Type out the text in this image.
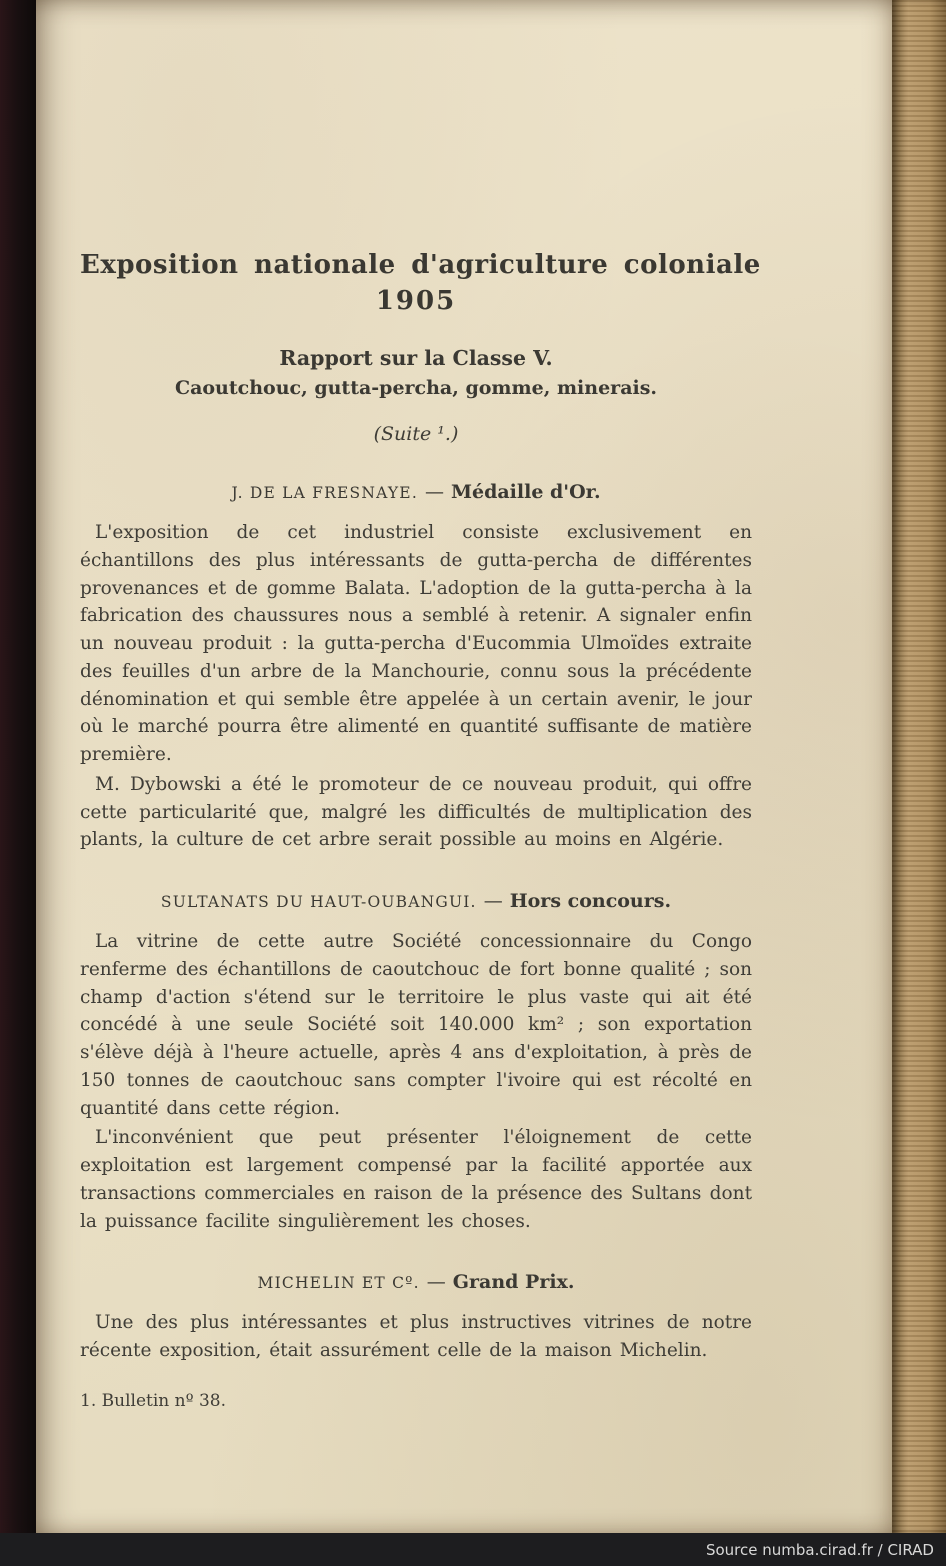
Exposition nationale d'agriculture coloniale
1905
Rapport sur la Classe V.
Caoutchouc, gutta-percha, gomme, minerais.
(Suite ¹.)
J. DE LA FRESNAYE. — Médaille d'Or.

L'exposition de cet industriel consiste exclusivement en échantillons des plus intéressants de gutta-percha de différentes provenances et de gomme Balata. L'adoption de la gutta-percha à la fabrication des chaussures nous a semblé à retenir. A signaler enfin un nouveau produit : la gutta-percha d'Eucommia Ulmoïdes extraite des feuilles d'un arbre de la Manchourie, connu sous la précédente dénomination et qui semble être appelée à un certain avenir, le jour où le marché pourra être alimenté en quantité suffisante de matière première.

M. Dybowski a été le promoteur de ce nouveau produit, qui offre cette particularité que, malgré les difficultés de multiplication des plants, la culture de cet arbre serait possible au moins en Algérie.

SULTANATS DU HAUT-OUBANGUI. — Hors concours.

La vitrine de cette autre Société concessionnaire du Congo renferme des échantillons de caoutchouc de fort bonne qualité ; son champ d'action s'étend sur le territoire le plus vaste qui ait été concédé à une seule Société soit 140.000 km² ; son exportation s'élève déjà à l'heure actuelle, après 4 ans d'exploitation, à près de 150 tonnes de caoutchouc sans compter l'ivoire qui est récolté en quantité dans cette région.

L'inconvénient que peut présenter l'éloignement de cette exploitation est largement compensé par la facilité apportée aux transactions commerciales en raison de la présence des Sultans dont la puissance facilite singulièrement les choses.

MICHELIN ET Cº. — Grand Prix.

Une des plus intéressantes et plus instructives vitrines de notre récente exposition, était assurément celle de la maison Michelin.

1. Bulletin nº 38.
Source numba.cirad.fr / CIRAD
